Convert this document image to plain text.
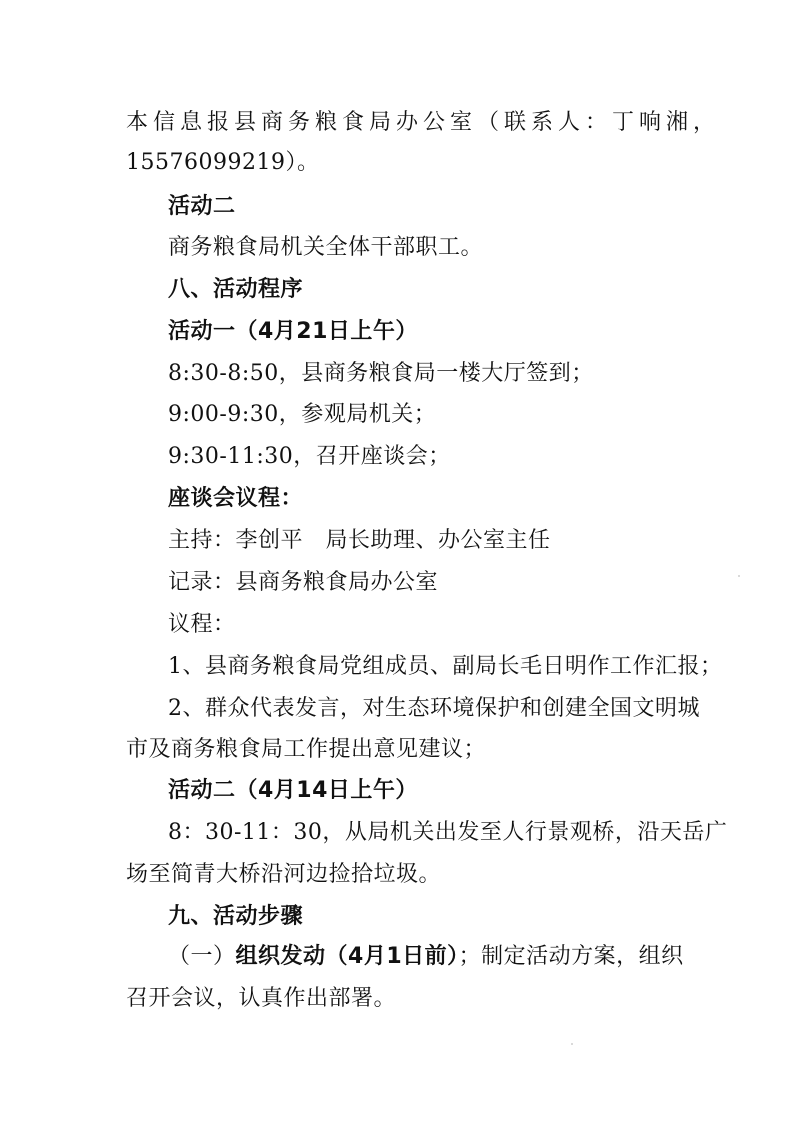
本信息报县商务粮食局办公室（联系人：丁响湘，
15576099219）。
活动二
商务粮食局机关全体干部职工。
八、活动程序
活动一（4月21日上午）
8:30-8:50，县商务粮食局一楼大厅签到；
9:00-9:30，参观局机关；
9:30-11:30，召开座谈会；
座谈会议程：
主持：李创平　局长助理、办公室主任
记录：县商务粮食局办公室
议程：
1、县商务粮食局党组成员、副局长毛日明作工作汇报；
2、群众代表发言，对生态环境保护和创建全国文明城
市及商务粮食局工作提出意见建议；
活动二（4月14日上午）
8：30-11：30，从局机关出发至人行景观桥，沿天岳广
场至简青大桥沿河边捡拾垃圾。
九、活动步骤
（一）组织发动（4月1日前）；制定活动方案，组织
召开会议，认真作出部署。
